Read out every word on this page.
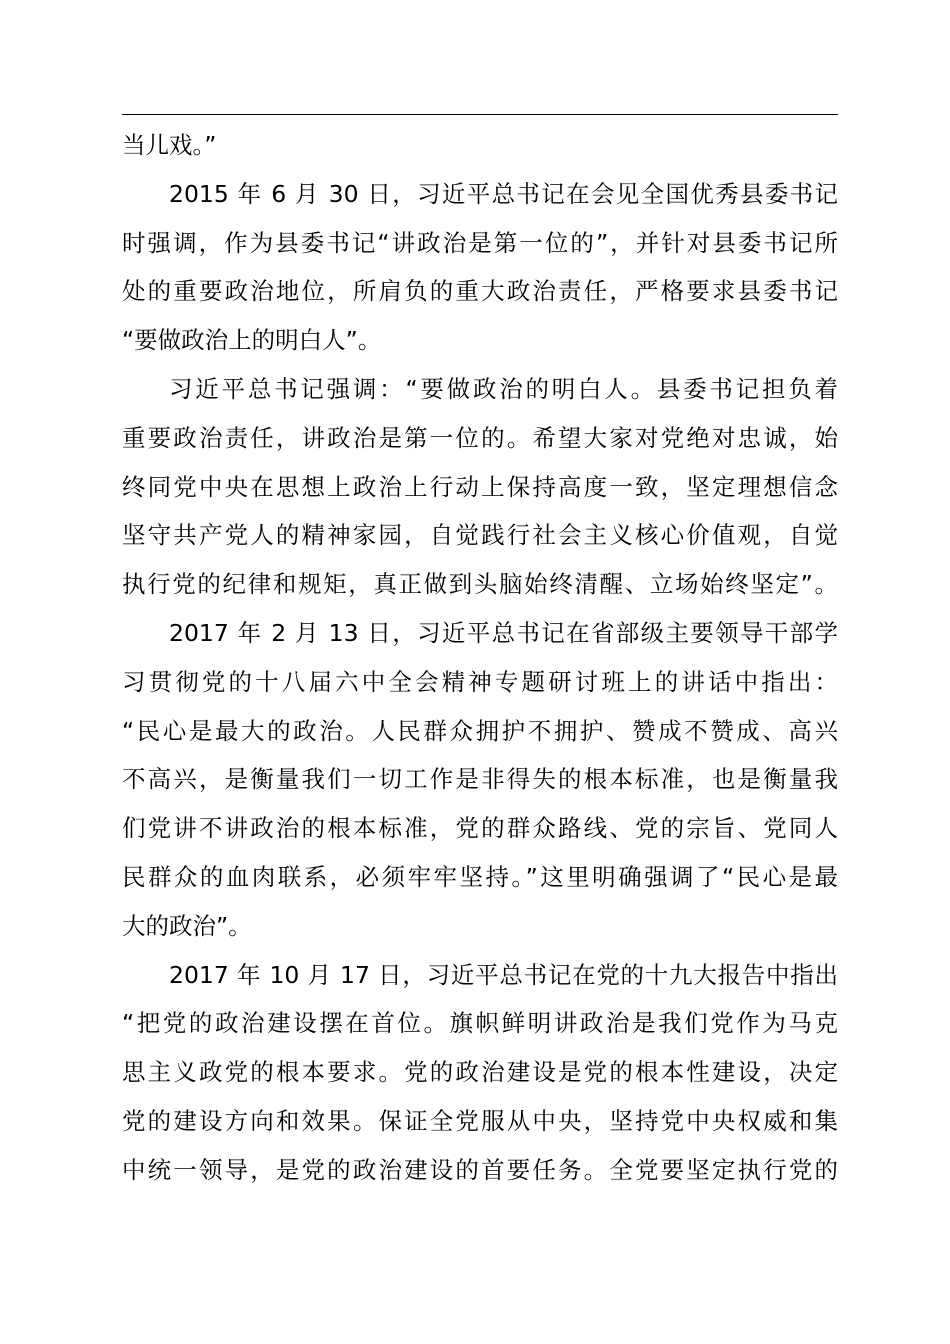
当儿戏。”
2015 年 6 月 30 日，习近平总书记在会见全国优秀县委书记
时强调，作为县委书记“讲政治是第一位的”，并针对县委书记所
处的重要政治地位，所肩负的重大政治责任，严格要求县委书记
“要做政治上的明白人”。
习近平总书记强调：“要做政治的明白人。县委书记担负着
重要政治责任，讲政治是第一位的。希望大家对党绝对忠诚，始
终同党中央在思想上政治上行动上保持高度一致，坚定理想信念
坚守共产党人的精神家园，自觉践行社会主义核心价值观，自觉
执行党的纪律和规矩，真正做到头脑始终清醒、立场始终坚定”。
2017 年 2 月 13 日，习近平总书记在省部级主要领导干部学
习贯彻党的十八届六中全会精神专题研讨班上的讲话中指出：
“民心是最大的政治。人民群众拥护不拥护、赞成不赞成、高兴
不高兴，是衡量我们一切工作是非得失的根本标准，也是衡量我
们党讲不讲政治的根本标准，党的群众路线、党的宗旨、党同人
民群众的血肉联系，必须牢牢坚持。”这里明确强调了“民心是最
大的政治”。
2017 年 10 月 17 日，习近平总书记在党的十九大报告中指出
“把党的政治建设摆在首位。旗帜鲜明讲政治是我们党作为马克
思主义政党的根本要求。党的政治建设是党的根本性建设，决定
党的建设方向和效果。保证全党服从中央，坚持党中央权威和集
中统一领导，是党的政治建设的首要任务。全党要坚定执行党的
